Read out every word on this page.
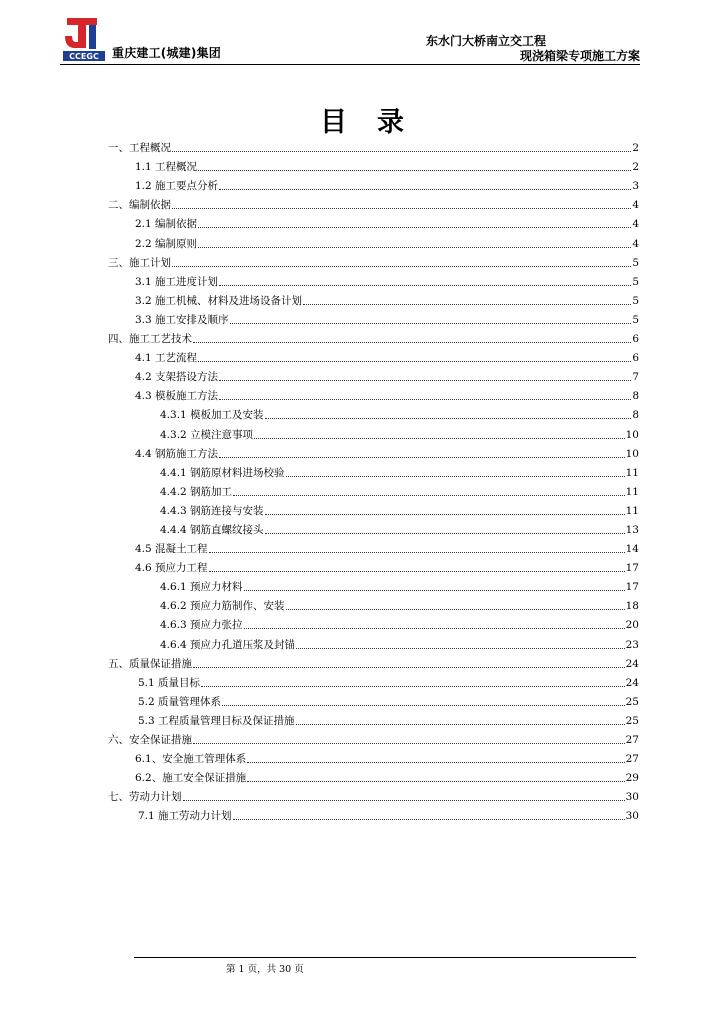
CCEGC 重庆建工(城建)集团
东水门大桥南立交工程
现浇箱梁专项施工方案
目录
一、工程概况	2
1.1 工程概况	2
1.2 施工要点分析	3
二、编制依据	4
2.1 编制依据	4
2.2 编制原则	4
三、施工计划	5
3.1 施工进度计划	5
3.2 施工机械、材料及进场设备计划	5
3.3 施工安排及顺序	5
四、施工工艺技术	6
4.1 工艺流程	6
4.2 支架搭设方法	7
4.3 模板施工方法	8
4.3.1 模板加工及安装	8
4.3.2 立模注意事项	10
4.4 钢筋施工方法	10
4.4.1 钢筋原材料进场校验	11
4.4.2 钢筋加工	11
4.4.3 钢筋连接与安装	11
4.4.4 钢筋直螺纹接头	13
4.5 混凝土工程	14
4.6 预应力工程	17
4.6.1 预应力材料	17
4.6.2 预应力筋制作、安装	18
4.6.3 预应力张拉	20
4.6.4 预应力孔道压浆及封锚	23
五、质量保证措施	24
5.1 质量目标	24
5.2 质量管理体系	25
5.3 工程质量管理目标及保证措施	25
六、安全保证措施	27
6.1、安全施工管理体系	27
6.2、施工安全保证措施	29
七、劳动力计划	30
7.1 施工劳动力计划	30
第 1 页，共 30 页
